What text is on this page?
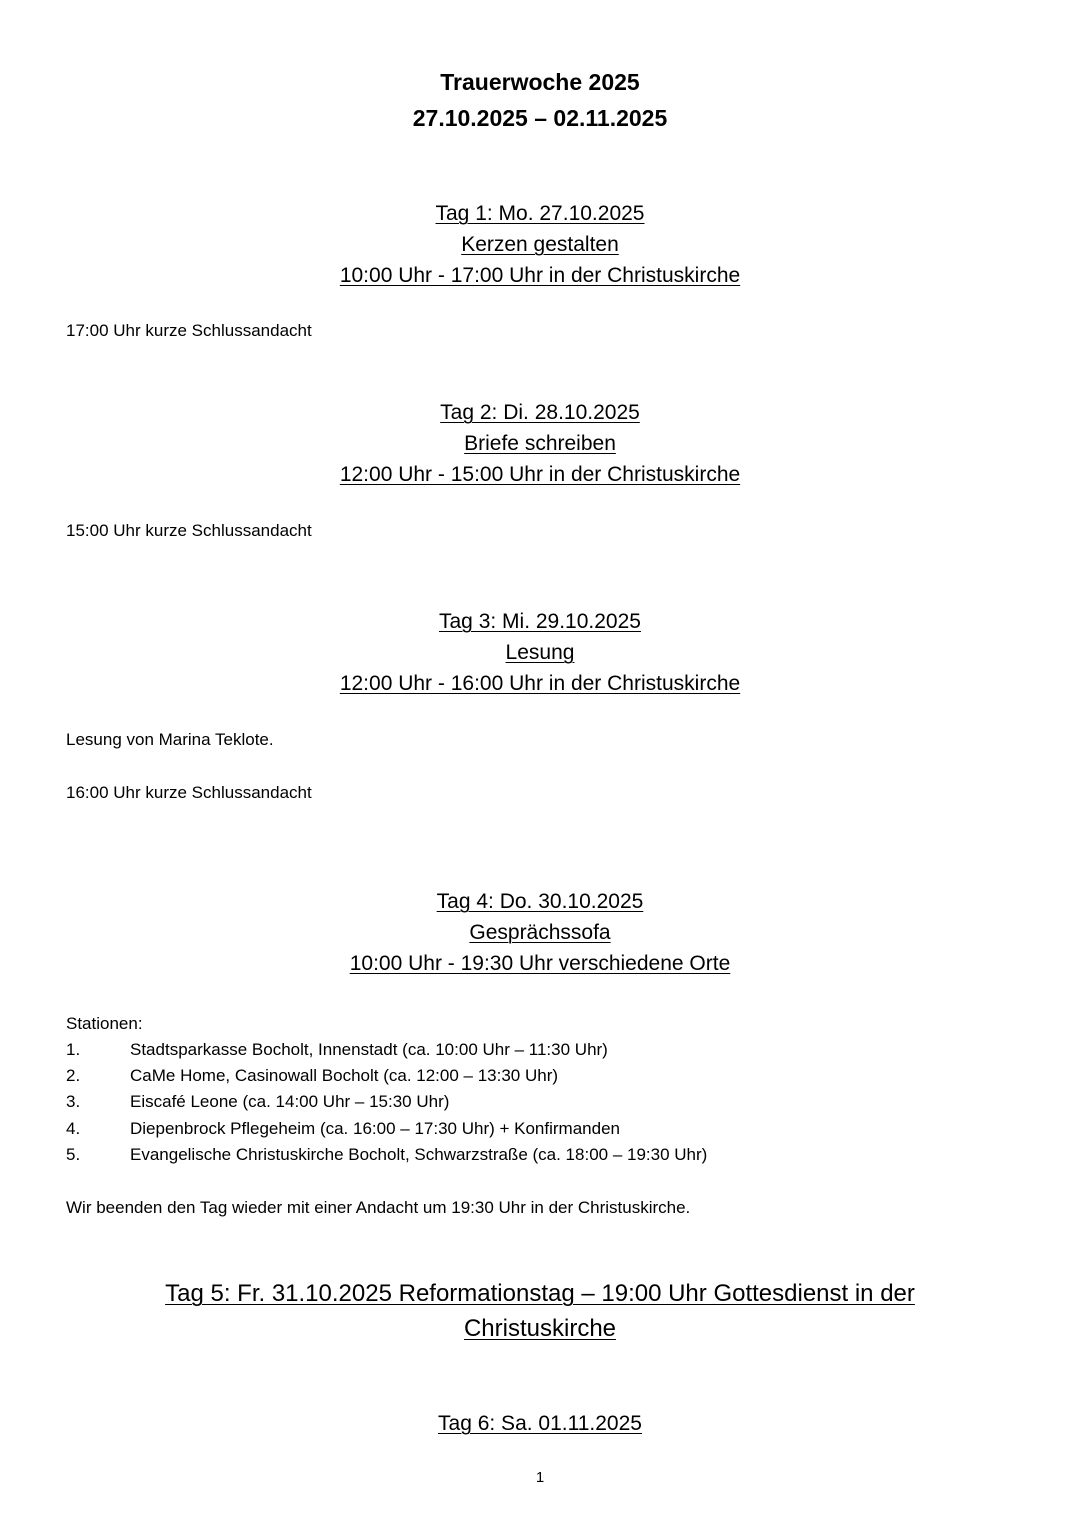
Trauerwoche 2025
27.10.2025 – 02.11.2025
Tag 1: Mo. 27.10.2025
Kerzen gestalten
10:00 Uhr - 17:00 Uhr in der Christuskirche
17:00 Uhr kurze Schlussandacht
Tag 2: Di. 28.10.2025
Briefe schreiben
12:00 Uhr - 15:00 Uhr in der Christuskirche
15:00 Uhr kurze Schlussandacht
Tag 3: Mi. 29.10.2025
Lesung
12:00 Uhr - 16:00 Uhr in der Christuskirche
Lesung von Marina Teklote.
16:00 Uhr kurze Schlussandacht
Tag 4: Do. 30.10.2025
Gesprächssofa
10:00 Uhr - 19:30 Uhr verschiedene Orte
Stationen:
1.	Stadtsparkasse Bocholt, Innenstadt (ca. 10:00 Uhr – 11:30 Uhr)
2.	CaMe Home, Casinowall Bocholt (ca. 12:00 – 13:30 Uhr)
3.	Eiscafé Leone (ca. 14:00 Uhr – 15:30 Uhr)
4.	Diepenbrock Pflegeheim (ca. 16:00 – 17:30 Uhr) + Konfirmanden
5.	Evangelische Christuskirche Bocholt, Schwarzstraße (ca. 18:00 – 19:30 Uhr)
Wir beenden den Tag wieder mit einer Andacht um 19:30 Uhr in der Christuskirche.
Tag 5: Fr. 31.10.2025 Reformationstag – 19:00 Uhr Gottesdienst in der
Christuskirche
Tag 6: Sa. 01.11.2025
1
